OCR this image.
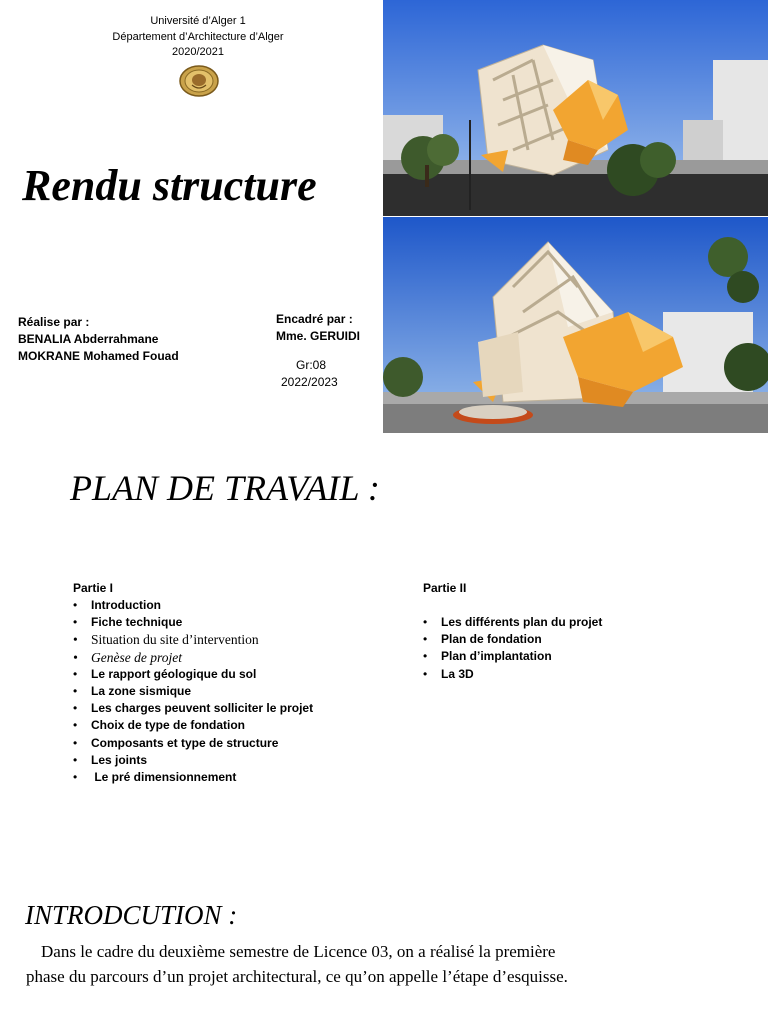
Université d’Alger 1
Département d’Architecture d’Alger
2020/2021
Rendu structure
Réalise par :
BENALIA Abderrahmane
MOKRANE Mohamed Fouad
Encadré par :
Mme. GERUIDI
Gr:08
2022/2023
PLAN DE TRAVAIL :
Partie I
• Introduction
• Fiche technique
• Situation du site d’intervention
• Genèse de projet
• Le rapport géologique du sol
• La zone sismique
• Les charges peuvent solliciter le projet
• Choix de type de fondation
• Composants et type de structure
• Les joints
•  Le pré dimensionnement
Partie II
• Les différents plan du projet
• Plan de fondation
• Plan d’implantation
• La 3D
INTRODCUTION :

Dans le cadre du deuxième semestre de Licence 03, on a réalisé la première phase du parcours d’un projet architectural, ce qu’on appelle l’étape d’esquisse.
